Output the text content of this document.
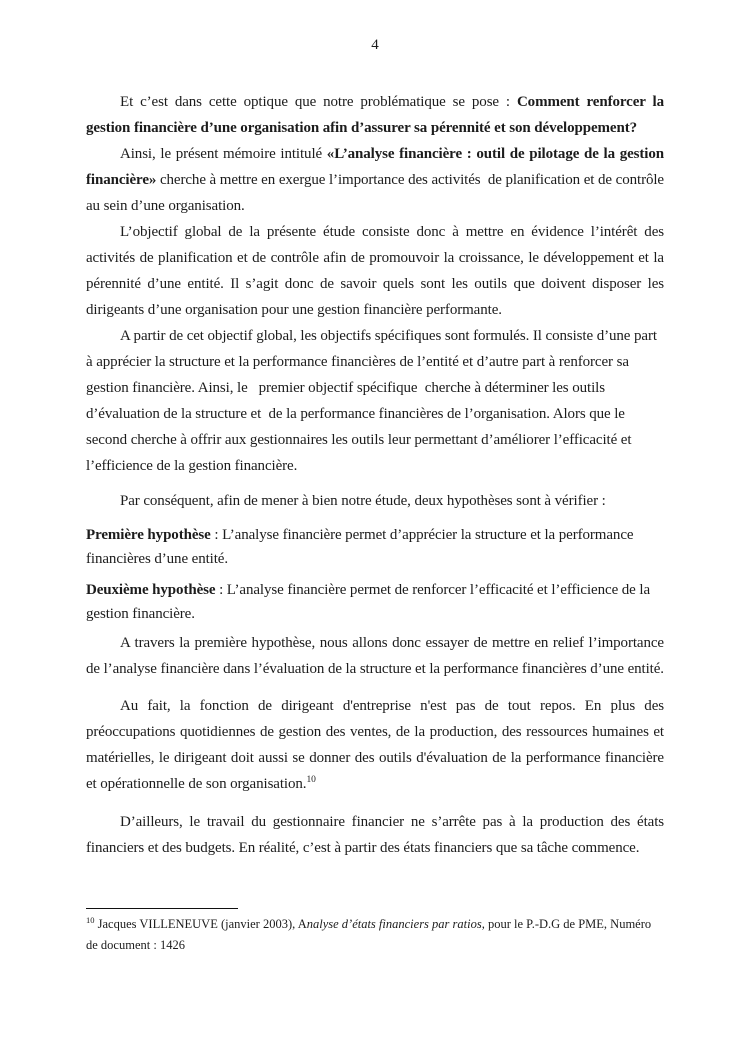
4

Et c’est dans cette optique que notre problématique se pose : Comment renforcer la gestion financière d’une organisation afin d’assurer sa pérennité et son développement?

Ainsi, le présent mémoire intitulé «L’analyse financière : outil de pilotage de la gestion financière» cherche à mettre en exergue l’importance des activités  de planification et de contrôle au sein d’une organisation.

L’objectif global de la présente étude consiste donc à mettre en évidence l’intérêt des activités de planification et de contrôle afin de promouvoir la croissance, le développement et la pérennité d’une entité. Il s’agit donc de savoir quels sont les outils que doivent disposer les dirigeants d’une organisation pour une gestion financière performante.

A partir de cet objectif global, les objectifs spécifiques sont formulés. Il consiste d’une part à apprécier la structure et la performance financières de l’entité et d’autre part à renforcer sa gestion financière. Ainsi, le   premier objectif spécifique  cherche à déterminer les outils d’évaluation de la structure et  de la performance financières de l’organisation. Alors que le second cherche à offrir aux gestionnaires les outils leur permettant d’améliorer l’efficacité et l’efficience de la gestion financière.

Par conséquent, afin de mener à bien notre étude, deux hypothèses sont à vérifier :

Première hypothèse : L’analyse financière permet d’apprécier la structure et la performance financières d’une entité.

Deuxième hypothèse : L’analyse financière permet de renforcer l’efficacité et l’efficience de la gestion financière.

A travers la première hypothèse, nous allons donc essayer de mettre en relief l’importance  de l’analyse financière dans l’évaluation de la structure et la performance financières d’une entité.

Au fait, la fonction de dirigeant d'entreprise n'est pas de tout repos. En plus des préoccupations quotidiennes de gestion des ventes, de la production, des ressources humaines et matérielles, le dirigeant doit aussi se donner des outils d'évaluation de la performance financière et opérationnelle de son organisation.$^{10}$

D’ailleurs, le travail du gestionnaire financier ne s’arrête pas à la production des états financiers et des budgets. En réalité, c’est à partir des états financiers que sa tâche commence.

$^{10}$ Jacques VILLENEUVE (janvier 2003), Analyse d’états financiers par ratios, pour le P.-D.G de PME, Numéro de document : 1426
